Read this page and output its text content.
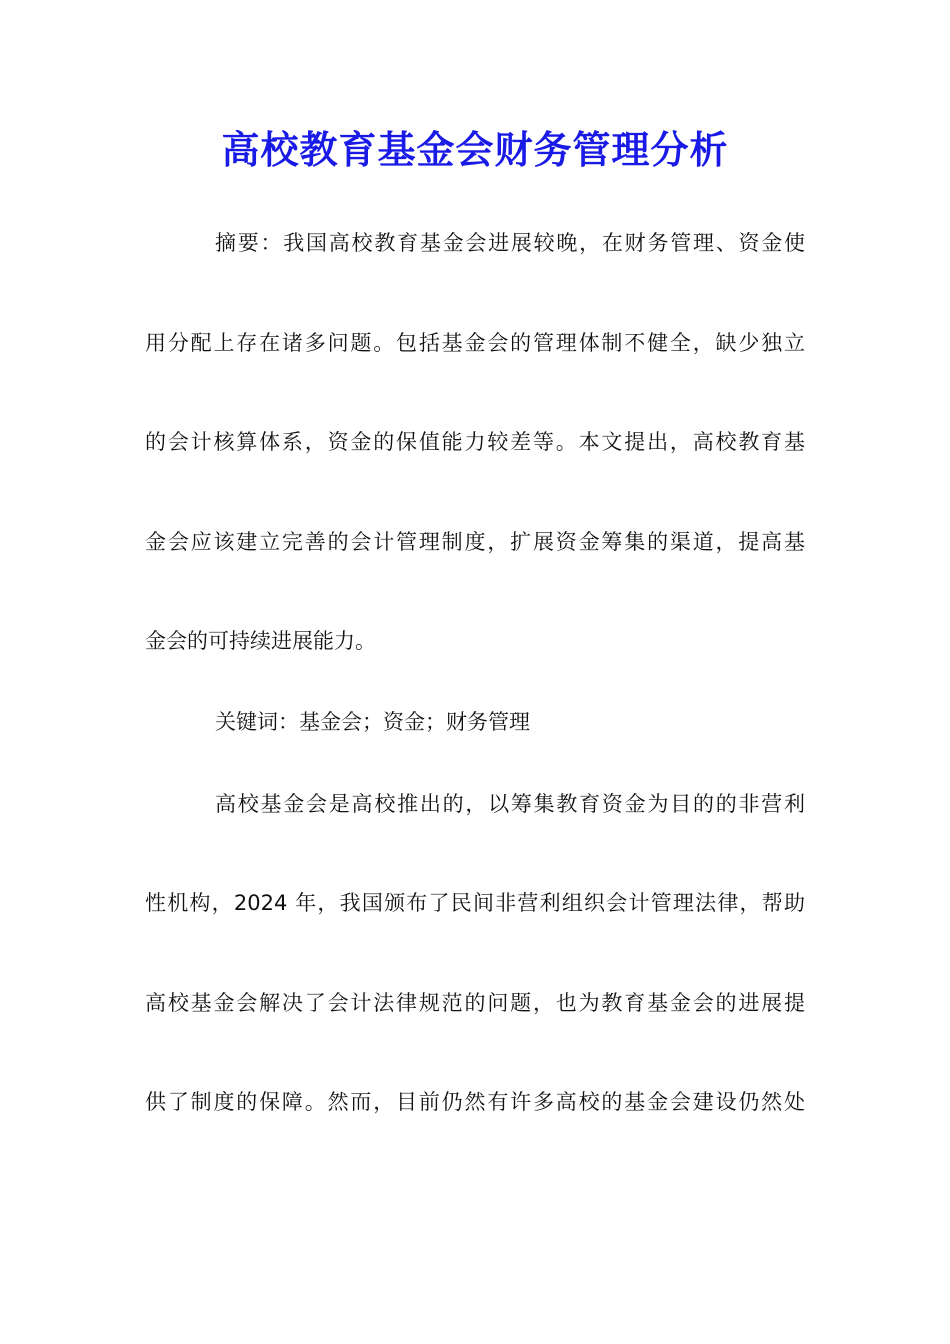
高校教育基金会财务管理分析
摘要：我国高校教育基金会进展较晚，在财务管理、资金使
用分配上存在诸多问题。包括基金会的管理体制不健全，缺少独立
的会计核算体系，资金的保值能力较差等。本文提出，高校教育基
金会应该建立完善的会计管理制度，扩展资金筹集的渠道，提高基
金会的可持续进展能力。
关键词：基金会；资金；财务管理
高校基金会是高校推出的，以筹集教育资金为目的的非营利
性机构，2024 年，我国颁布了民间非营利组织会计管理法律，帮助
高校基金会解决了会计法律规范的问题，也为教育基金会的进展提
供了制度的保障。然而，目前仍然有许多高校的基金会建设仍然处
